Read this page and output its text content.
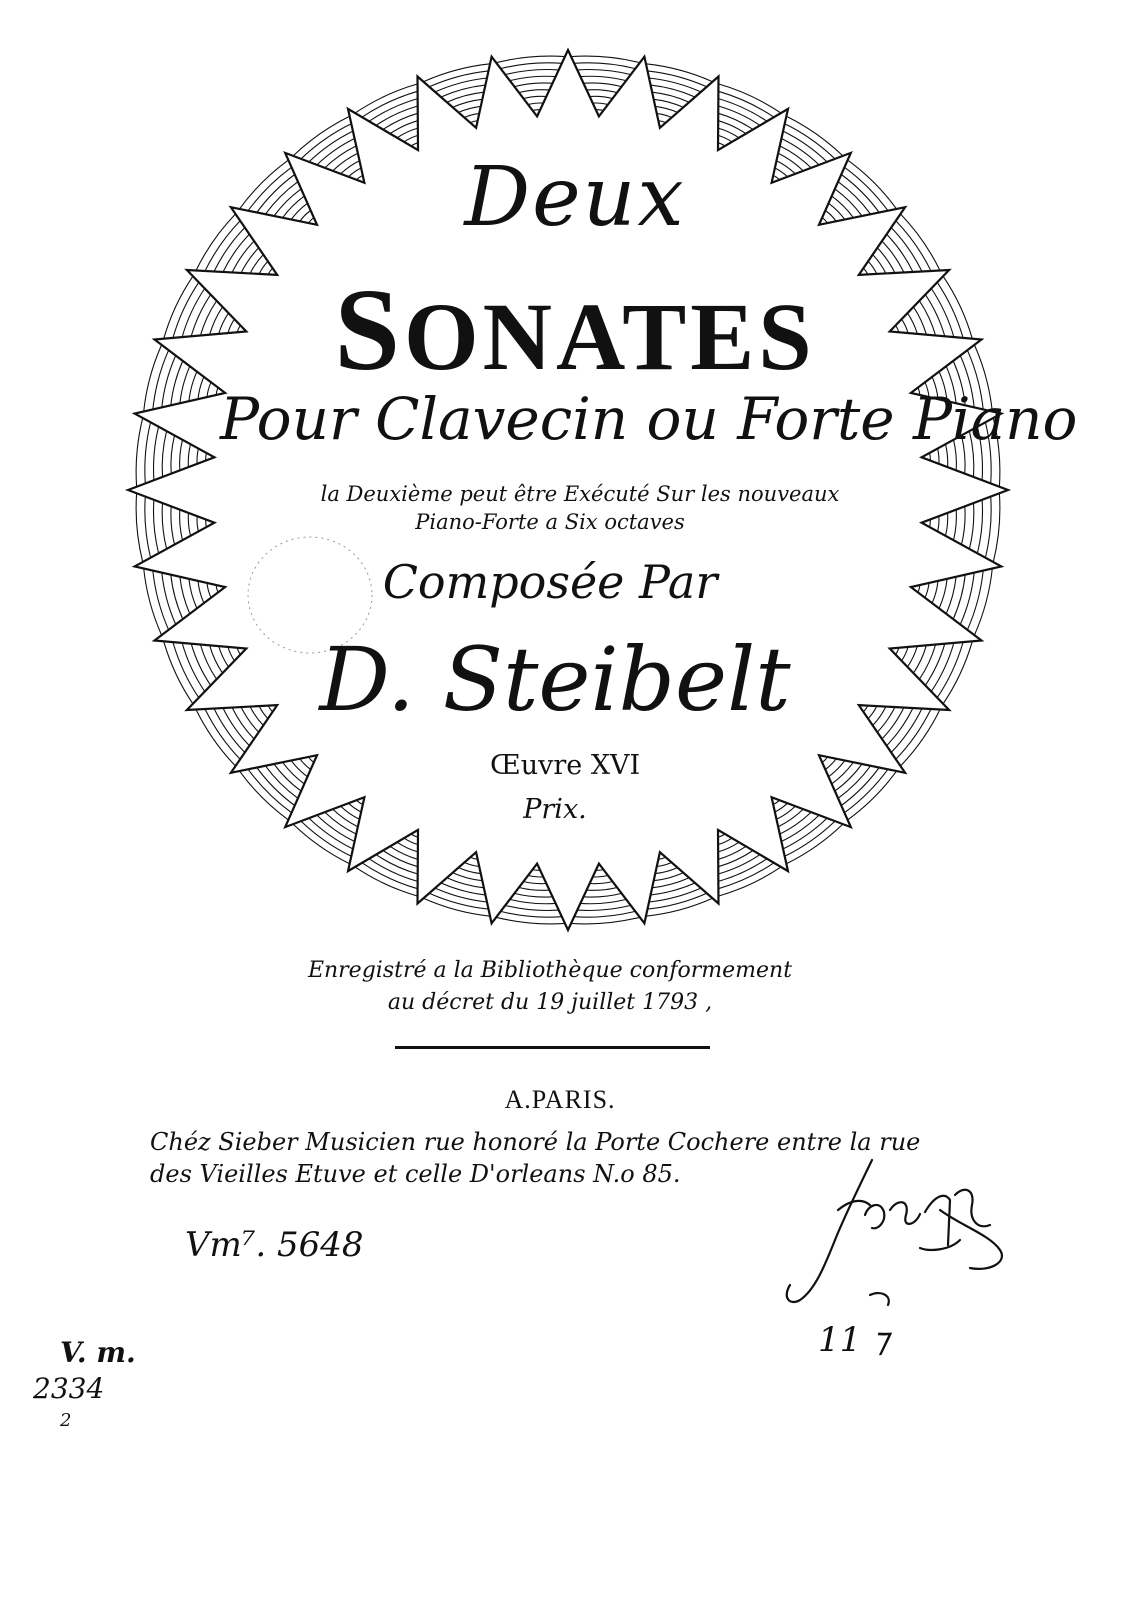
Deux
SONATES
Pour Clavecin ou Forte Piano
la Deuxième peut être Exécuté Sur les nouveaux
Piano-Forte a Six octaves
Composée Par
D. Steibelt
Œuvre XVI
Prix.
Enregistré a la Bibliothèque conformement
au décret du 19 juillet 1793 ,
A.PARIS.
Chéz Sieber Musicien rue honoré la Porte Cochere entre la rue
des Vieilles Etuve et celle D'orleans N.o 85.
Vm⁷. 5648
V. m.
2334
2
11 ⁊
